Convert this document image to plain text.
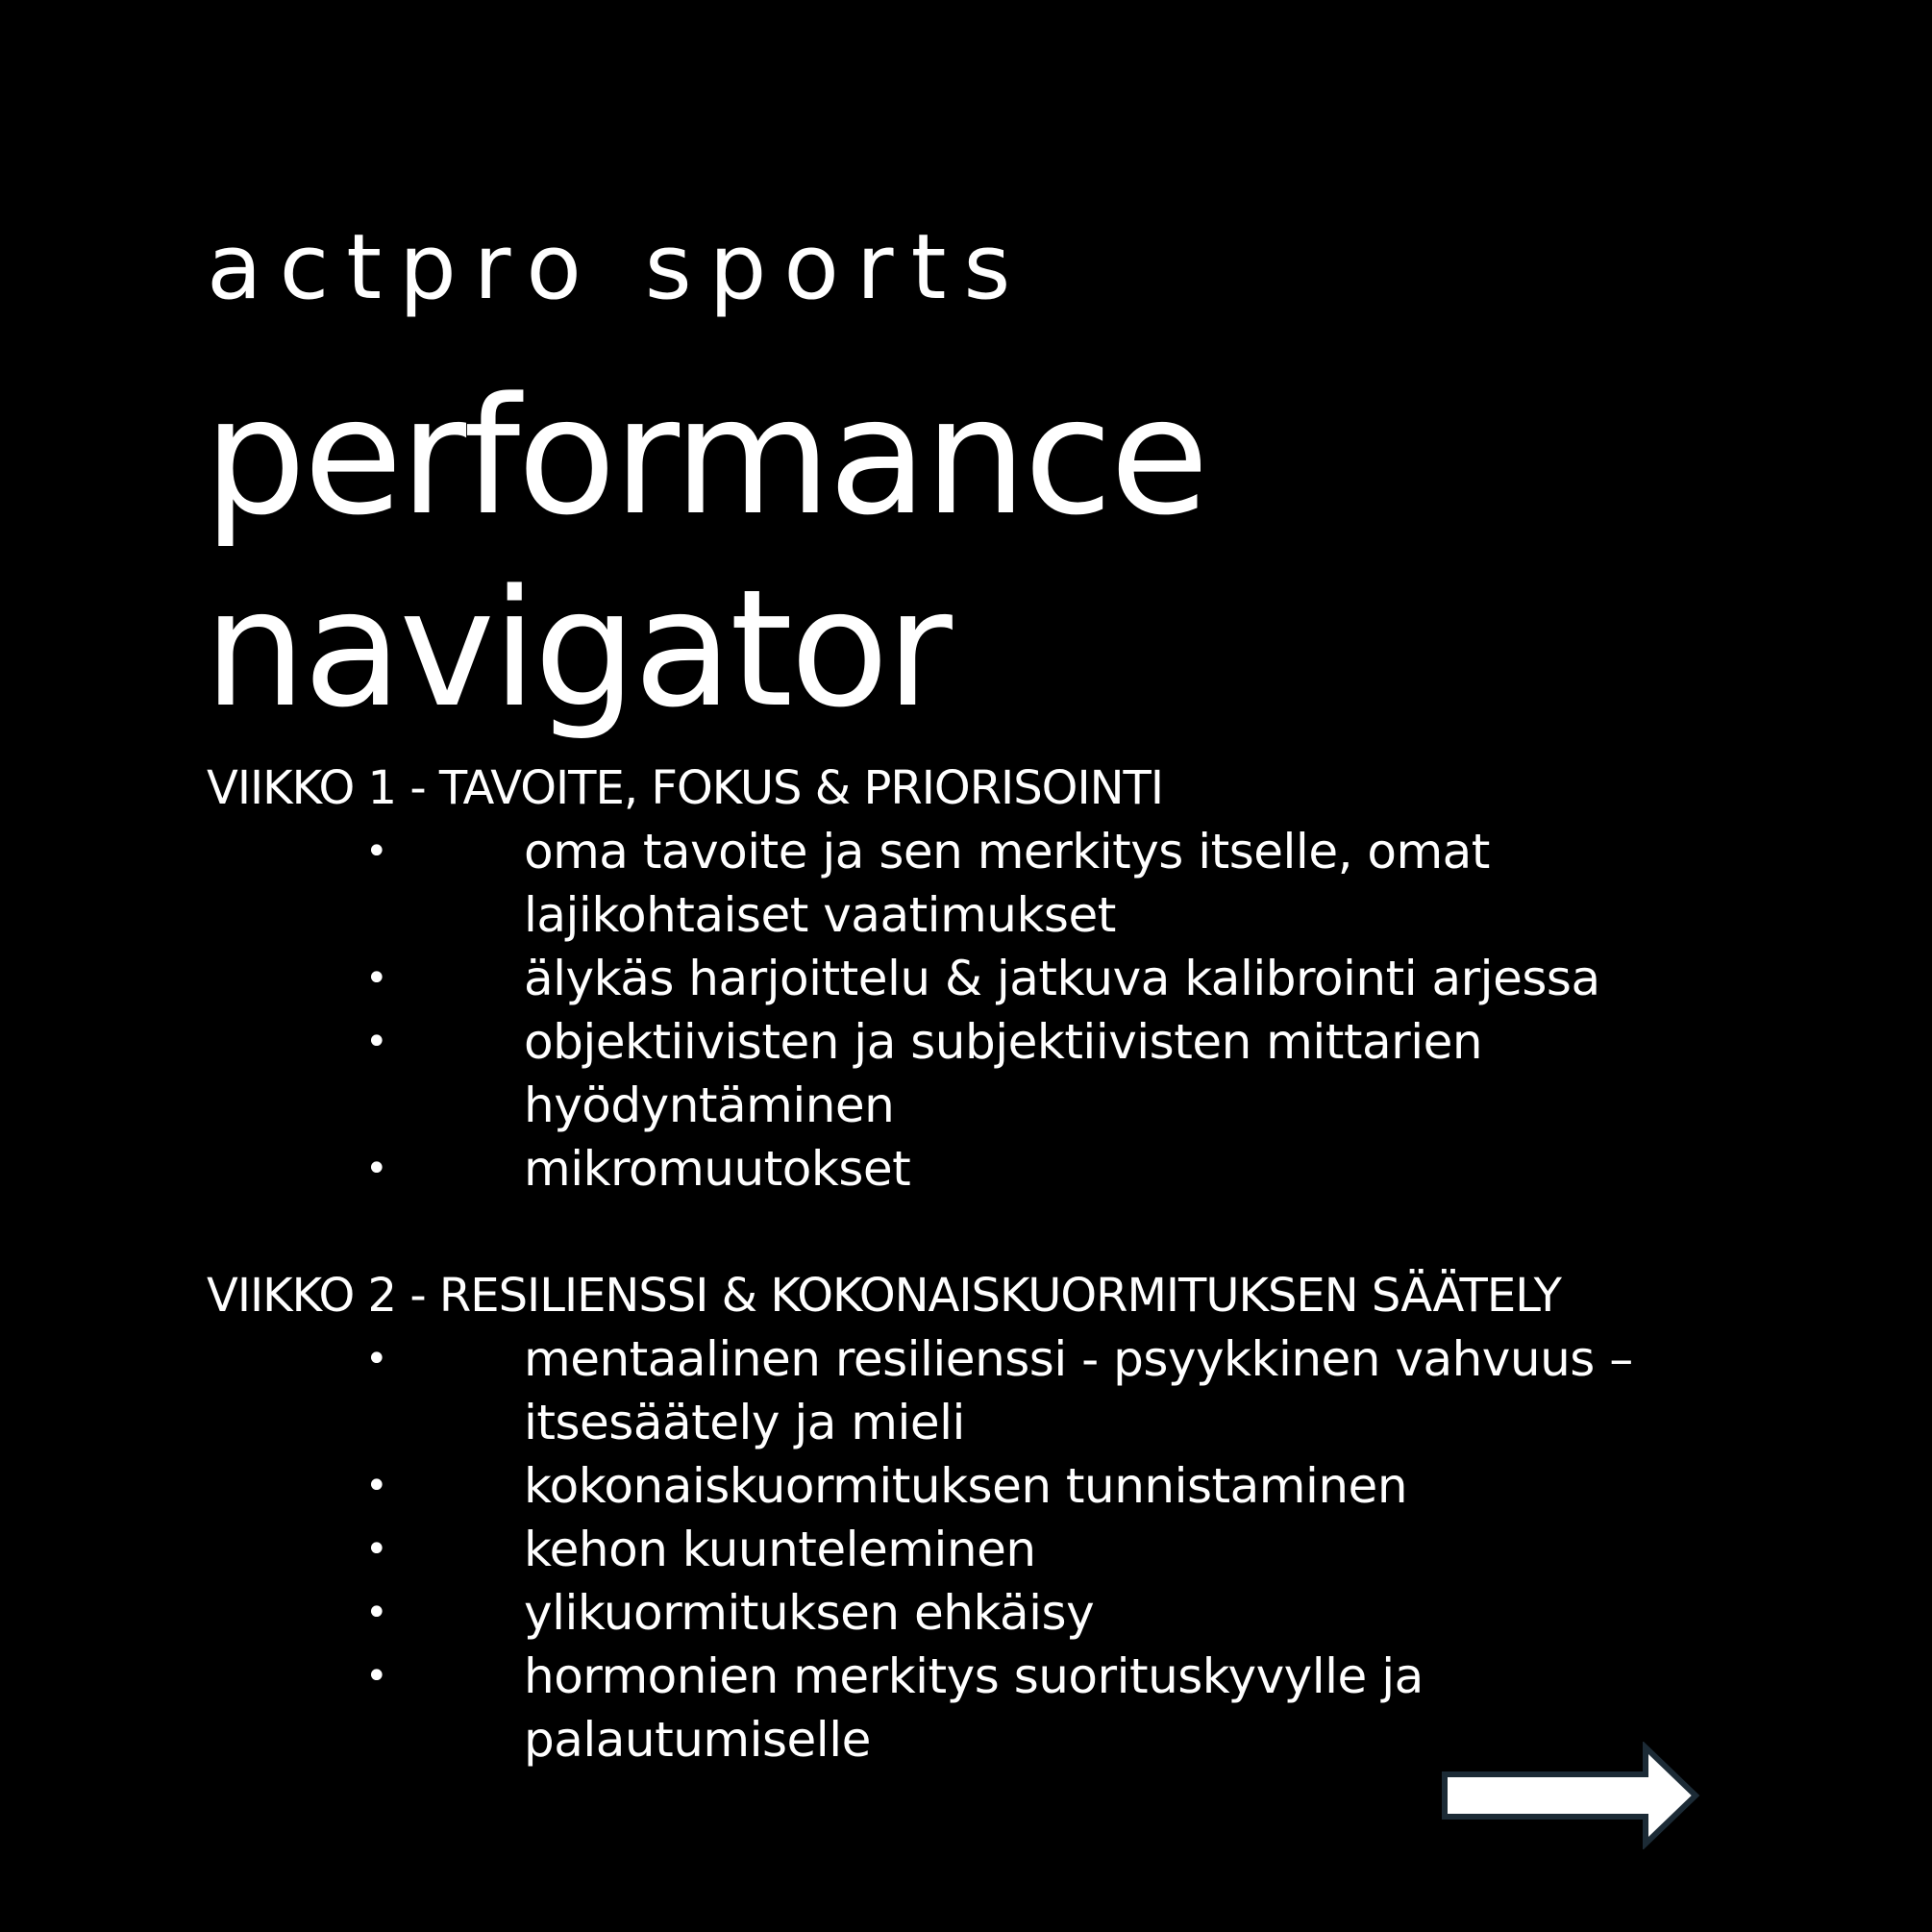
actpro sports
performance
navigator
VIIKKO 1 - TAVOITE, FOKUS & PRIORISOINTI
•	oma tavoite ja sen merkitys itselle, omat lajikohtaiset vaatimukset
•	älykäs harjoittelu & jatkuva kalibrointi arjessa
•	objektiivisten ja subjektiivisten mittarien hyödyntäminen
•	mikromuutokset
VIIKKO 2 - RESILIENSSI & KOKONAISKUORMITUKSEN SÄÄTELY
•	mentaalinen resilienssi - psyykkinen vahvuus – itsesäätely ja mieli
•	kokonaiskuormituksen tunnistaminen
•	kehon kuunteleminen
•	ylikuormituksen ehkäisy
•	hormonien merkitys suorituskyvylle ja palautumiselle
